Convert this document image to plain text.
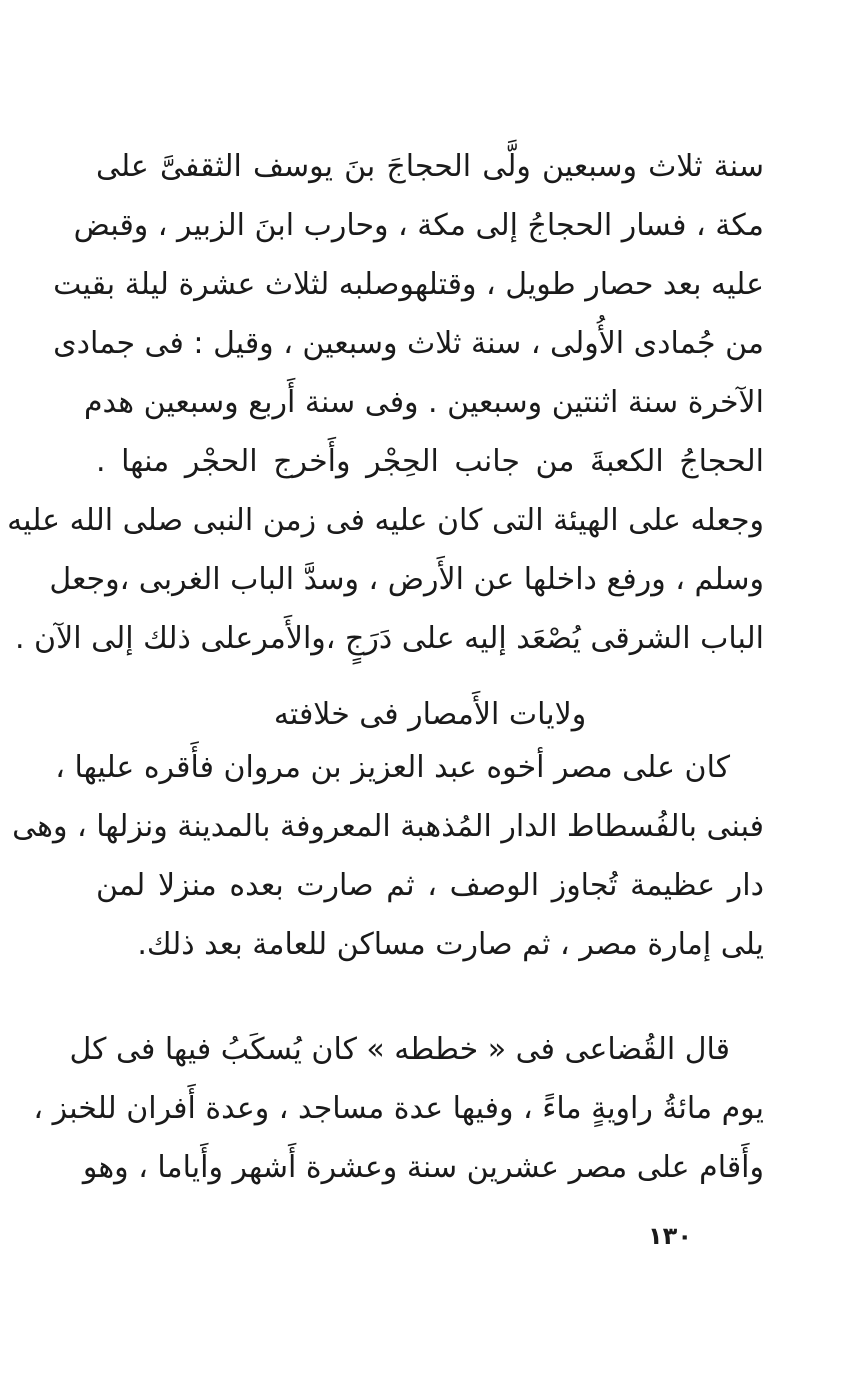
سنة ثلاث وسبعين ولَّى الحجاجَ بنَ يوسف الثقفىَّ على
مكة ، فسار الحجاجُ إلى مكة ، وحارب ابنَ الزبير ، وقبض
عليه بعد حصار طويل ، وقتلهوصلبه لثلاث عشرة ليلة بقيت
من جُمادى الأُولى ، سنة ثلاث وسبعين ، وقيل : فى جمادى
الآخرة سنة اثنتين وسبعين . وفى سنة أَربع وسبعين هدم
الحجاجُ الكعبةَ من جانب الحِجْر وأَخرج الحجْر منها .
وجعله على الهيئة التى كان عليه فى زمن النبى صلى الله عليه
وسلم ، ورفع داخلها عن الأَرض ، وسدَّ الباب الغربى ،وجعل
الباب الشرقى يُصْعَد إليه على دَرَجٍ ،والأَمرعلى ذلك إلى الآن .
ولايات الأَمصار فى خلافته
كان على مصر أخوه عبد العزيز بن مروان فأَقره عليها ،
فبنى بالفُسطاط الدار المُذهبة المعروفة بالمدينة ونزلها ، وهى
دار عظيمة تُجاوز الوصف ، ثم صارت بعده منزلا لمن
يلى إمارة مصر ، ثم صارت مساكن للعامة بعد ذلك.
قال القُضاعى فى « خططه » كان يُسكَبُ فيها فى كل
يوم مائةُ راويةٍ ماءً ، وفيها عدة مساجد ، وعدة أَفران للخبز ،
وأَقام على مصر عشرين سنة وعشرة أَشهر وأَياما ، وهو
١٣٠
